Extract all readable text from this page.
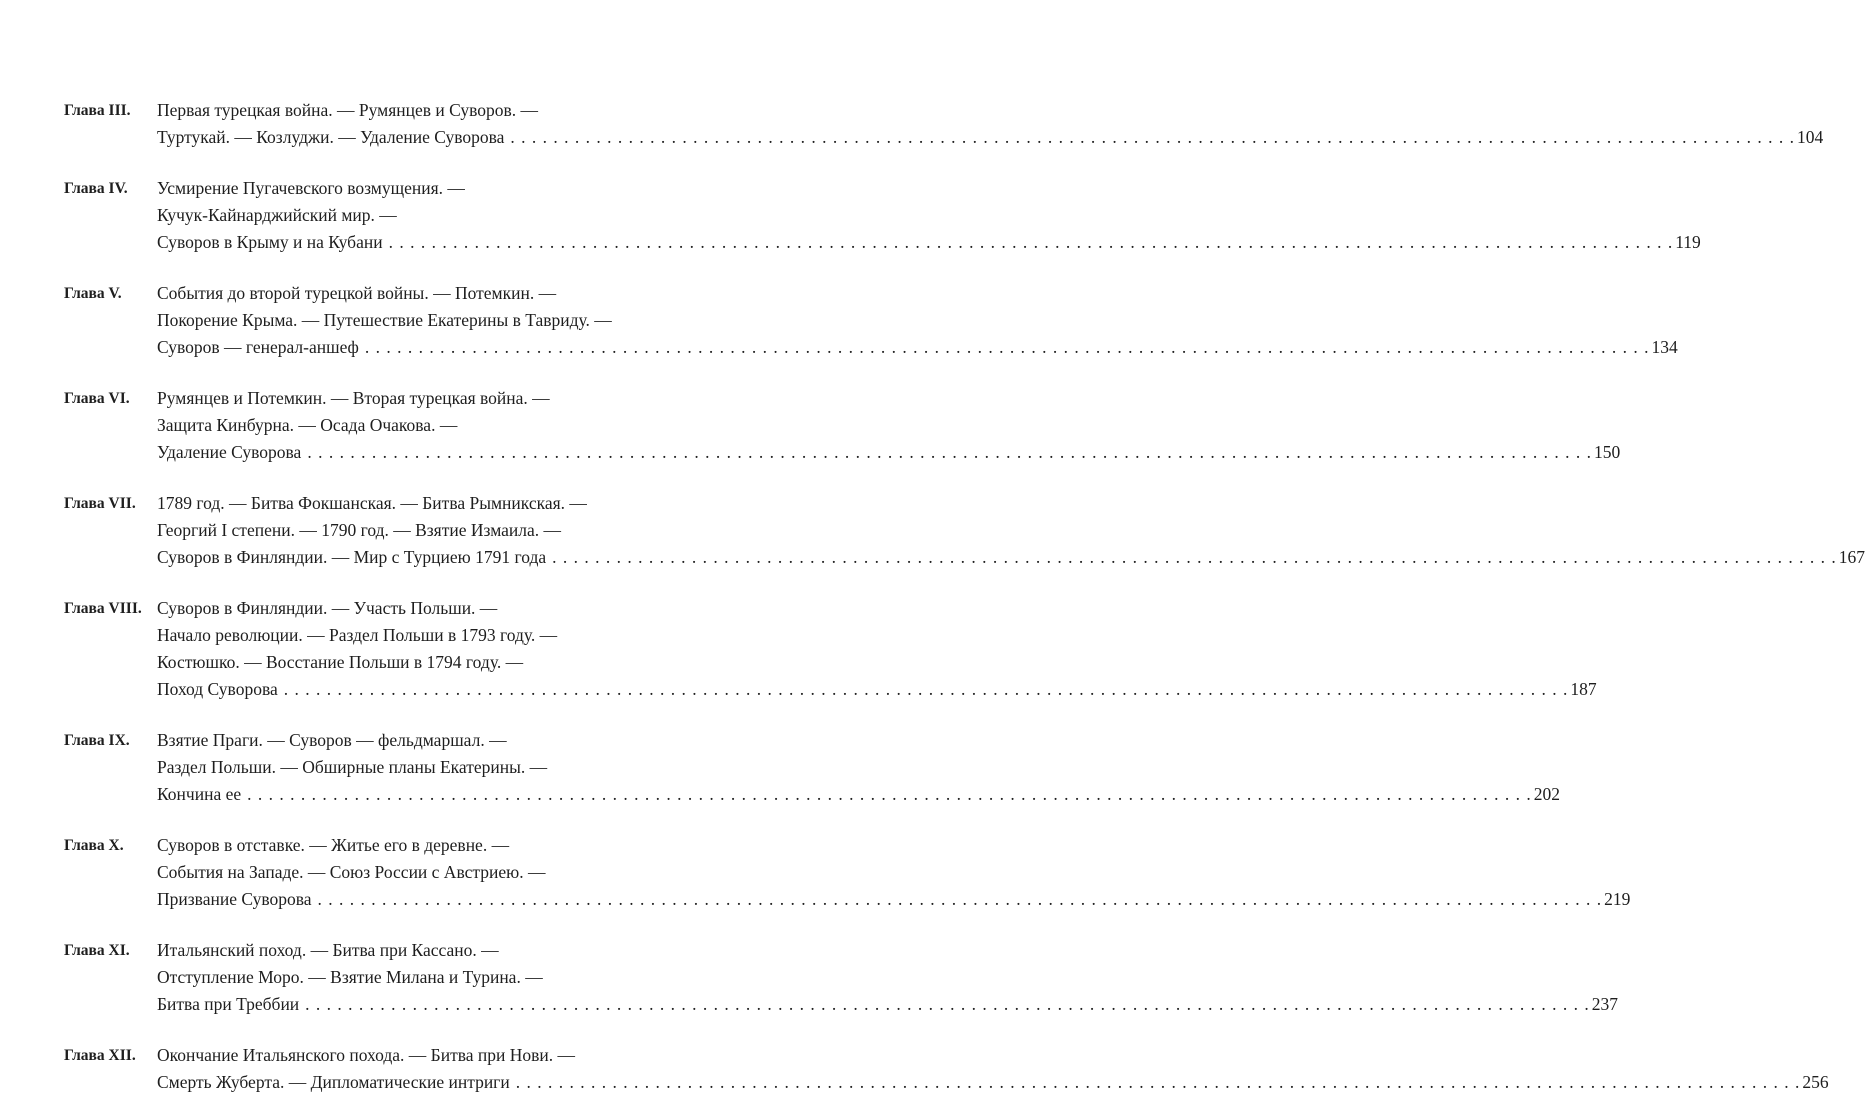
Глава III. Первая турецкая война. — Румянцев и Суворов. —
Туртукай. — Козлуджи. — Удаление Суворова . . . . . . . . . . . . . . . . . . . . . . . . . . . . . . . . . . . . . . . . . . . . . . . . . . . . . . . . . . . . . . . . . . . . . . . . . . . . . . . . . . . . . . . . . . . . . . . . . . . . . . . . . . . . . . . . . . . . . . . . 104
Глава IV. Усмирение Пугачевского возмущения. —
Кучук-Кайнарджийский мир. —
Суворов в Крыму и на Кубани . . . . . . . . . . . . . . . . . . . . . . . . . . . . . . . . . . . . . . . . . . . . . . . . . . . . . . . . . . . . . . . . . . . . . . . . . . . . . . . . . . . . . . . . . . . . . . . . . . . . . . . . . . . . . . . . . . . . . . . . 119
Глава V. События до второй турецкой войны. — Потемкин. —
Покорение Крыма. — Путешествие Екатерины в Тавриду. —
Суворов — генерал-аншеф . . . . . . . . . . . . . . . . . . . . . . . . . . . . . . . . . . . . . . . . . . . . . . . . . . . . . . . . . . . . . . . . . . . . . . . . . . . . . . . . . . . . . . . . . . . . . . . . . . . . . . . . . . . . . . . . . . . . . . . . 134
Глава VI. Румянцев и Потемкин. — Вторая турецкая война. —
Защита Кинбурна. — Осада Очакова. —
Удаление Суворова . . . . . . . . . . . . . . . . . . . . . . . . . . . . . . . . . . . . . . . . . . . . . . . . . . . . . . . . . . . . . . . . . . . . . . . . . . . . . . . . . . . . . . . . . . . . . . . . . . . . . . . . . . . . . . . . . . . . . . . . 150
Глава VII. 1789 год. — Битва Фокшанская. — Битва Рымникская. —
Георгий I степени. — 1790 год. — Взятие Измаила. —
Суворов в Финляндии. — Мир с Турциею 1791 года . . . . . . . . . . . . . . . . . . . . . . . . . . . . . . . . . . . . . . . . . . . . . . . . . . . . . . . . . . . . . . . . . . . . . . . . . . . . . . . . . . . . . . . . . . . . . . . . . . . . . . . . . . . . . . . . . . . . . . . . 167
Глава VIII. Суворов в Финляндии. — Участь Польши. —
Начало революции. — Раздел Польши в 1793 году. —
Костюшко. — Восстание Польши в 1794 году. —
Поход Суворова . . . . . . . . . . . . . . . . . . . . . . . . . . . . . . . . . . . . . . . . . . . . . . . . . . . . . . . . . . . . . . . . . . . . . . . . . . . . . . . . . . . . . . . . . . . . . . . . . . . . . . . . . . . . . . . . . . . . . . . . 187
Глава IX. Взятие Праги. — Суворов — фельдмаршал. —
Раздел Польши. — Обширные планы Екатерины. —
Кончина ее . . . . . . . . . . . . . . . . . . . . . . . . . . . . . . . . . . . . . . . . . . . . . . . . . . . . . . . . . . . . . . . . . . . . . . . . . . . . . . . . . . . . . . . . . . . . . . . . . . . . . . . . . . . . . . . . . . . . . . . . 202
Глава X. Суворов в отставке. — Житье его в деревне. —
События на Западе. — Союз России с Австриею. —
Призвание Суворова . . . . . . . . . . . . . . . . . . . . . . . . . . . . . . . . . . . . . . . . . . . . . . . . . . . . . . . . . . . . . . . . . . . . . . . . . . . . . . . . . . . . . . . . . . . . . . . . . . . . . . . . . . . . . . . . . . . . . . . . 219
Глава XI. Итальянский поход. — Битва при Кассано. —
Отступление Моро. — Взятие Милана и Турина. —
Битва при Треббии . . . . . . . . . . . . . . . . . . . . . . . . . . . . . . . . . . . . . . . . . . . . . . . . . . . . . . . . . . . . . . . . . . . . . . . . . . . . . . . . . . . . . . . . . . . . . . . . . . . . . . . . . . . . . . . . . . . . . . . . 237
Глава XII. Окончание Итальянского похода. — Битва при Нови. —
Смерть Жуберта. — Дипломатические интриги . . . . . . . . . . . . . . . . . . . . . . . . . . . . . . . . . . . . . . . . . . . . . . . . . . . . . . . . . . . . . . . . . . . . . . . . . . . . . . . . . . . . . . . . . . . . . . . . . . . . . . . . . . . . . . . . . . . . . . . . 256
